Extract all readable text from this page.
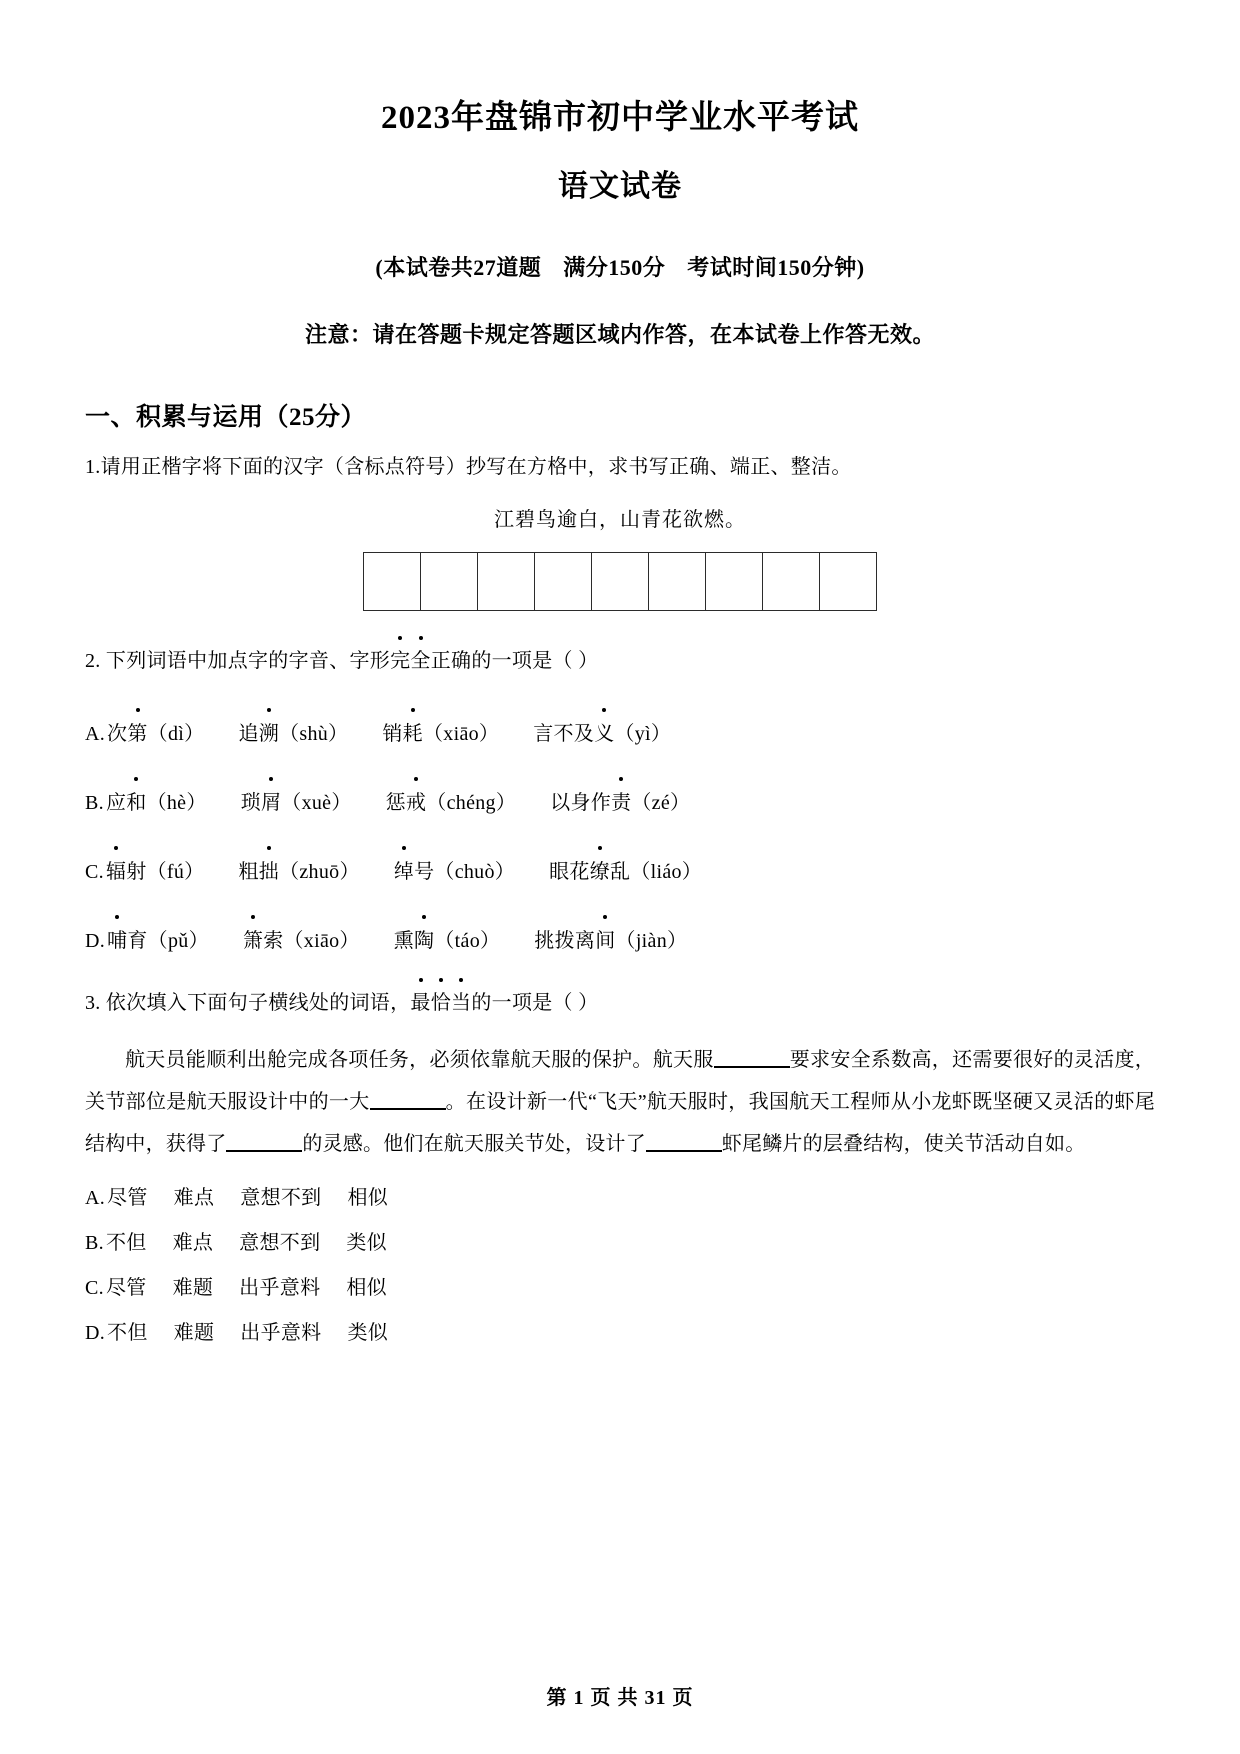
2023年盘锦市初中学业水平考试
语文试卷

(本试卷共27道题 满分150分 考试时间150分钟)

注意：请在答题卡规定答题区域内作答，在本试卷上作答无效。

一、积累与运用（25分）

1.请用正楷字将下面的汉字（含标点符号）抄写在方格中，求书写正确、端正、整洁。

江碧鸟逾白，山青花欲燃。

2. 下列词语中加点字的字音、字形完全正确的一项是（ ）

A. 次第（dì） 追溯（shù） 销耗（xiāo） 言不及义（yì）

B. 应和（hè） 琐屑（xuè） 惩戒（chéng） 以身作责（zé）

C. 辐射（fú） 粗拙（zhuō） 绰号（chuò） 眼花缭乱（liáo）

D. 哺育（pǔ） 箫索（xiāo） 熏陶（táo） 挑拨离间（jiàn）

3. 依次填入下面句子横线处的词语，最恰当的一项是（ ）

航天员能顺利出舱完成各项任务，必须依靠航天服的保护。航天服	要求安全系数高，还需要很好的灵活度，关节部位是航天服设计中的一大	。在设计新一代“飞天”航天服时，我国航天工程师从小龙虾既坚硬又灵活的虾尾结构中，获得了	的灵感。他们在航天服关节处，设计了	虾尾鳞片的层叠结构，使关节活动自如。

A. 尽管 难点 意想不到 相似

B. 不但 难点 意想不到 类似

C. 尽管 难题 出乎意料 相似

D. 不但 难题 出乎意料 类似

第 1 页 共 31 页
